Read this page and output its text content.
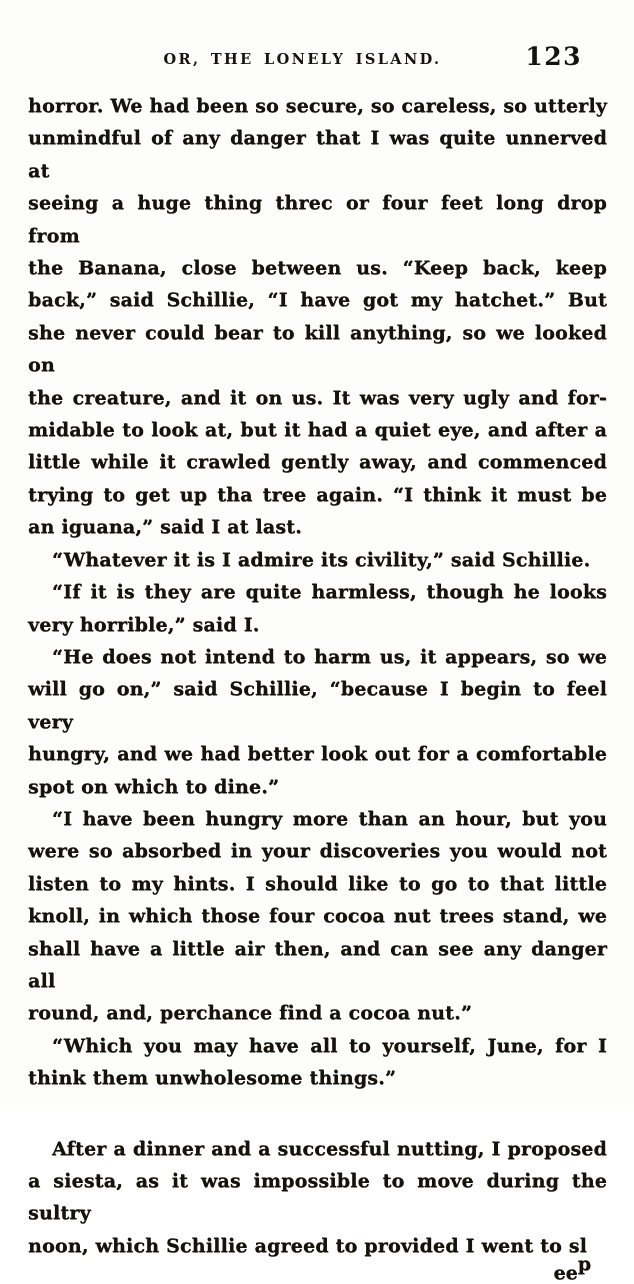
OR, THE LONELY ISLAND.	123
horror. We had been so secure, so careless, so utterly
unmindful of any danger that I was quite unnerved at
seeing a huge thing threc or four feet long drop from
the Banana, close between us. “Keep back, keep
back,” said Schillie, “I have got my hatchet.” But
she never could bear to kill anything, so we looked on
the creature, and it on us. It was very ugly and for-
midable to look at, but it had a quiet eye, and after a
little while it crawled gently away, and commenced
trying to get up tha tree again. “I think it must be
an iguana,” said I at last.
“Whatever it is I admire its civility,” said Schillie.
“If it is they are quite harmless, though he looks
very horrible,” said I.
“He does not intend to harm us, it appears, so we
will go on,” said Schillie, “because I begin to feel very
hungry, and we had better look out for a comfortable
spot on which to dine.”
“I have been hungry more than an hour, but you
were so absorbed in your discoveries you would not
listen to my hints. I should like to go to that little
knoll, in which those four cocoa nut trees stand, we
shall have a little air then, and can see any danger all
round, and, perchance find a cocoa nut.”
“Which you may have all to yourself, June, for I
think them unwholesome things.”
After a dinner and a successful nutting, I proposed
a siesta, as it was impossible to move during the sultry
noon, which Schillie agreed to provided I went to sl
eep
